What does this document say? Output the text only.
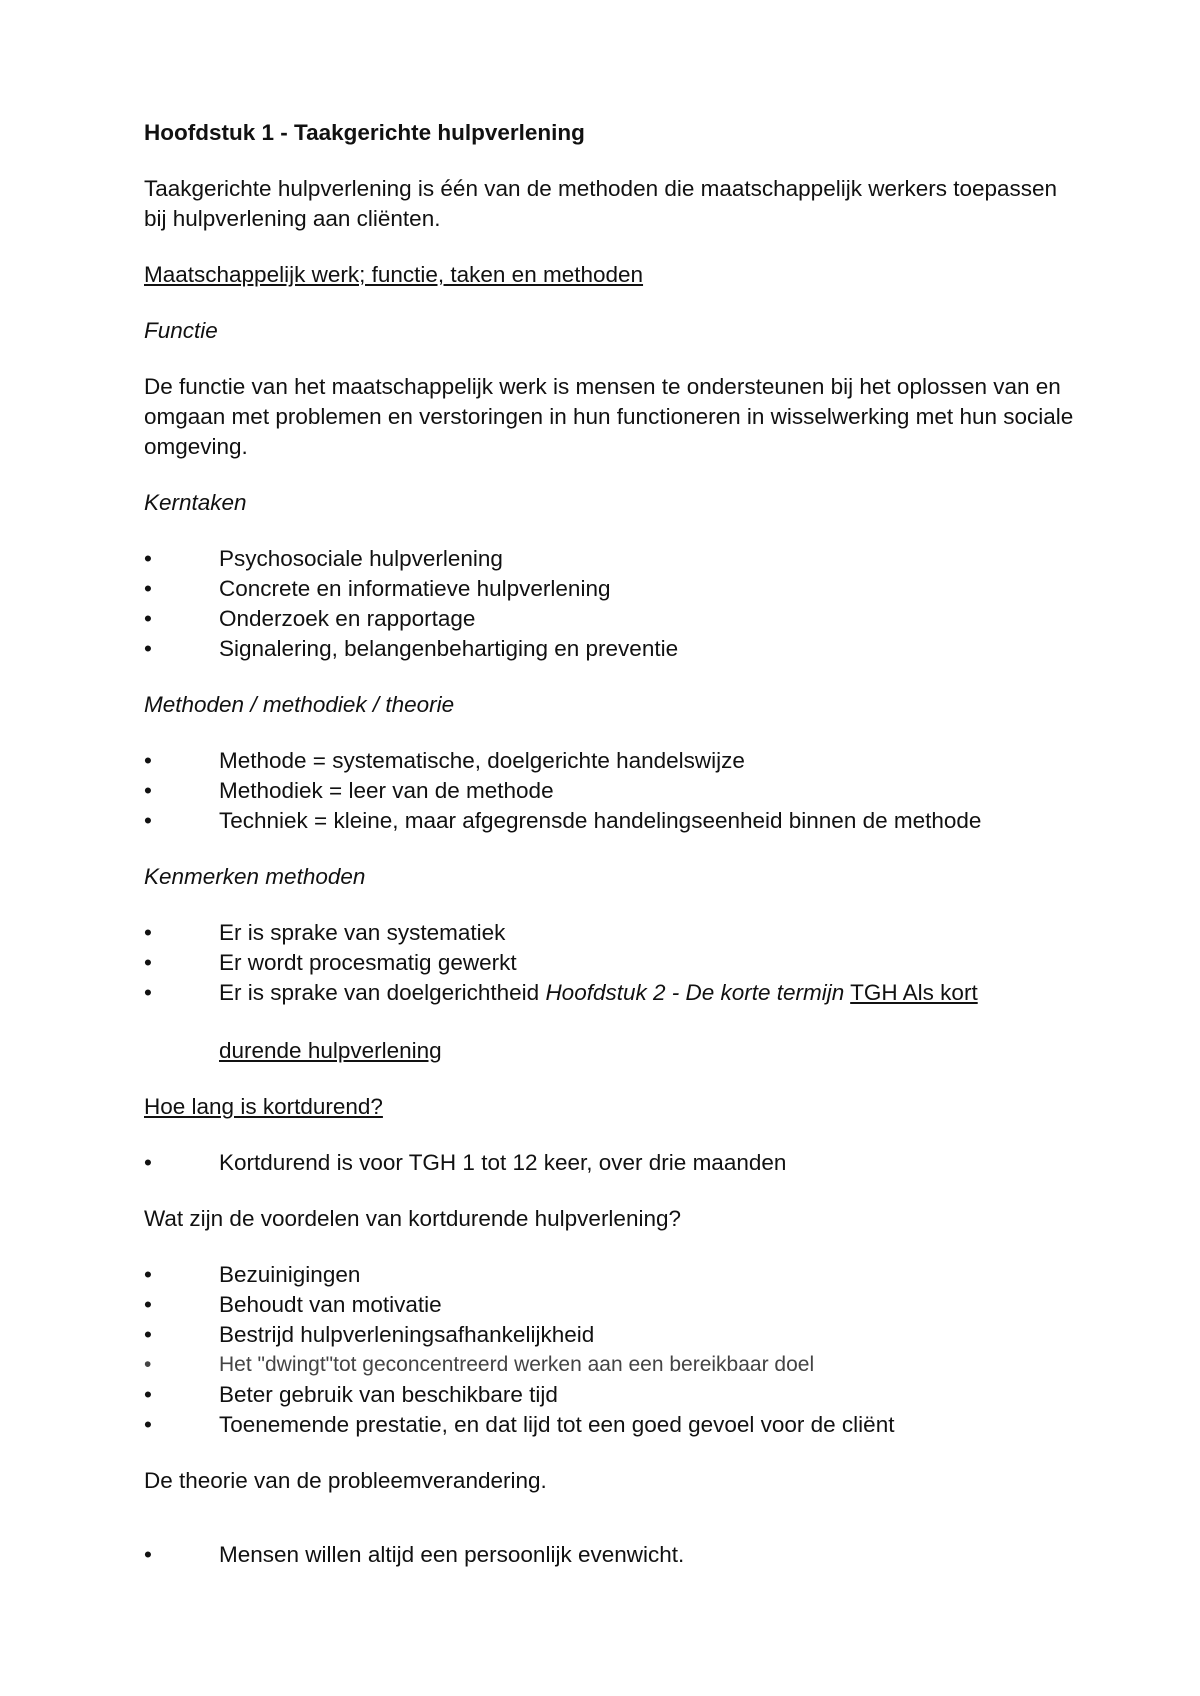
Hoofdstuk 1 - Taakgerichte hulpverlening

Taakgerichte hulpverlening is één van de methoden die maatschappelijk werkers toepassen bij hulpverlening aan cliënten.

Maatschappelijk werk; functie, taken en methoden

Functie

De functie van het maatschappelijk werk is mensen te ondersteunen bij het oplossen van en omgaan met problemen en verstoringen in hun functioneren in wisselwerking met hun sociale omgeving.

Kerntaken

•	Psychosociale hulpverlening
•	Concrete en informatieve hulpverlening
•	Onderzoek en rapportage
•	Signalering, belangenbehartiging en preventie

Methoden / methodiek / theorie

•	Methode = systematische, doelgerichte handelswijze
•	Methodiek = leer van de methode
•	Techniek = kleine, maar afgegrensde handelingseenheid binnen de methode

Kenmerken methoden

•	Er is sprake van systematiek
•	Er wordt procesmatig gewerkt
•	Er is sprake van doelgerichtheid Hoofdstuk 2 - De korte termijn TGH Als kort

durende hulpverlening

Hoe lang is kortdurend?

•	Kortdurend is voor TGH 1 tot 12 keer, over drie maanden

Wat zijn de voordelen van kortdurende hulpverlening?

•	Bezuinigingen
•	Behoudt van motivatie
•	Bestrijd hulpverleningsafhankelijkheid
•	Het "dwingt"tot geconcentreerd werken aan een bereikbaar doel
•	Beter gebruik van beschikbare tijd
•	Toenemende prestatie, en dat lijd tot een goed gevoel voor de cliënt

De theorie van de probleemverandering.

•	Mensen willen altijd een persoonlijk evenwicht.
